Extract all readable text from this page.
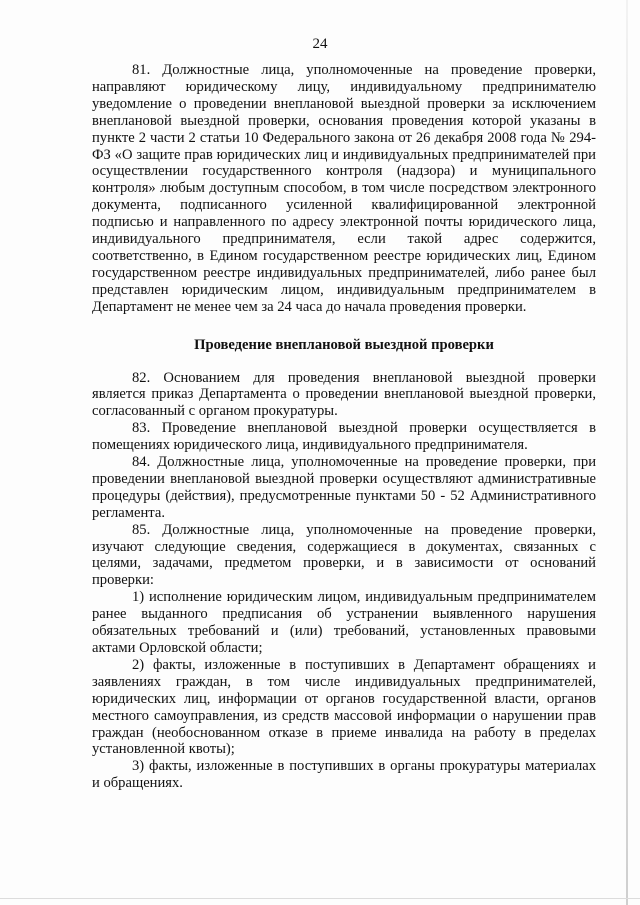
24

81. Должностные лица, уполномоченные на проведение проверки, направляют юридическому лицу, индивидуальному предпринимателю уведомление о проведении внеплановой выездной проверки за исключением внеплановой выездной проверки, основания проведения которой указаны в пункте 2 части 2 статьи 10 Федерального закона от 26 декабря 2008 года № 294-ФЗ «О защите прав юридических лиц и индивидуальных предпринимателей при осуществлении государственного контроля (надзора) и муниципального контроля» любым доступным способом, в том числе посредством электронного документа, подписанного усиленной квалифицированной электронной подписью и направленного по адресу электронной почты юридического лица, индивидуального предпринимателя, если такой адрес содержится, соответственно, в Едином государственном реестре юридических лиц, Едином государственном реестре индивидуальных предпринимателей, либо ранее был представлен юридическим лицом, индивидуальным предпринимателем в Департамент не менее чем за 24 часа до начала проведения проверки.

Проведение внеплановой выездной проверки

82. Основанием для проведения внеплановой выездной проверки является приказ Департамента о проведении внеплановой выездной проверки, согласованный с органом прокуратуры.

83. Проведение внеплановой выездной проверки осуществляется в помещениях юридического лица, индивидуального предпринимателя.

84. Должностные лица, уполномоченные на проведение проверки, при проведении внеплановой выездной проверки осуществляют административные процедуры (действия), предусмотренные пунктами 50 - 52 Административного регламента.

85. Должностные лица, уполномоченные на проведение проверки, изучают следующие сведения, содержащиеся в документах, связанных с целями, задачами, предметом проверки, и в зависимости от оснований проверки:

1) исполнение юридическим лицом, индивидуальным предпринимателем ранее выданного предписания об устранении выявленного нарушения обязательных требований и (или) требований, установленных правовыми актами Орловской области;

2) факты, изложенные в поступивших в Департамент обращениях и заявлениях граждан, в том числе индивидуальных предпринимателей, юридических лиц, информации от органов государственной власти, органов местного самоуправления, из средств массовой информации о нарушении прав граждан (необоснованном отказе в приеме инвалида на работу в пределах установленной квоты);

3) факты, изложенные в поступивших в органы прокуратуры материалах и обращениях.
